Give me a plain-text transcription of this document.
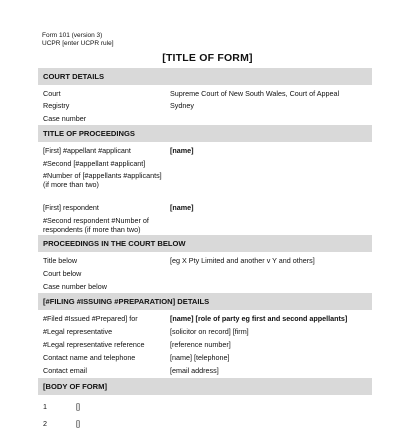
Form 101 (version 3)
UCPR [enter UCPR rule]
[TITLE OF FORM]
COURT DETAILS
Court	Supreme Court of New South Wales, Court of Appeal
Registry	Sydney
Case number
TITLE OF PROCEEDINGS
[First] #appellant #applicant	[name]
#Second [#appellant #applicant]
#Number of [#appellants #applicants] (if more than two)
[First] respondent	[name]
#Second respondent #Number of respondents (if more than two)
PROCEEDINGS IN THE COURT BELOW
Title below	[eg X Pty Limited and another v Y and others]
Court below
Case number below
[#FILING #ISSUING #PREPARATION] DETAILS
#Filed #Issued #Prepared] for	[name] [role of party eg first and second appellants]
#Legal representative	[solicitor on record] [firm]
#Legal representative reference	[reference number]
Contact name and telephone	[name] [telephone]
Contact email	[email address]
[BODY OF FORM]
1	[]
2	[]
